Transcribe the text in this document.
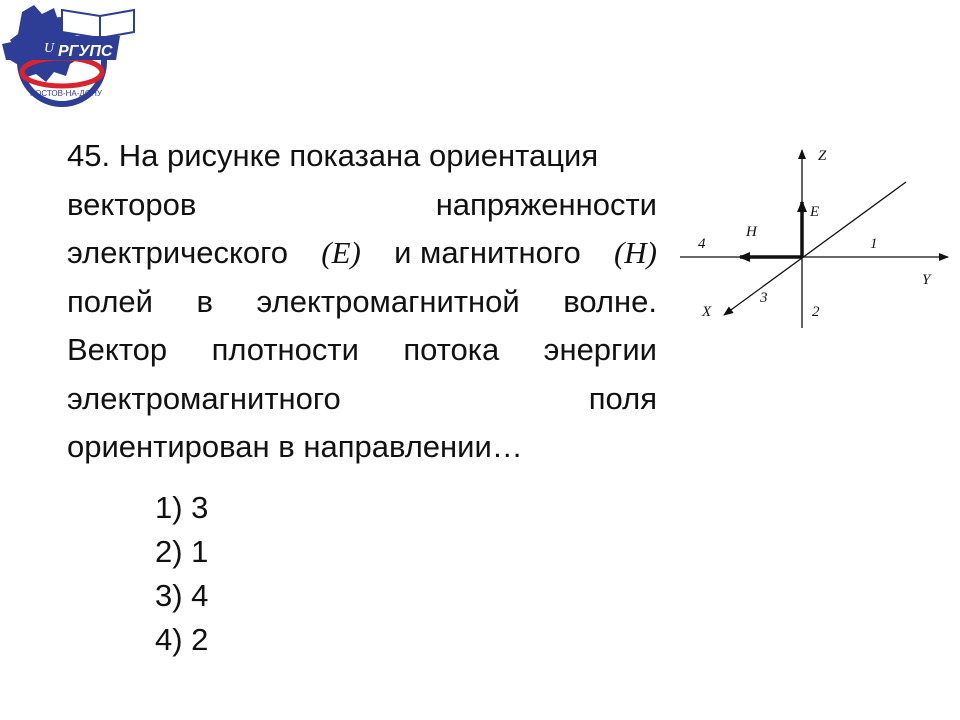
U РГУПС
РОСТОВ-НА-ДОНУ
45. На рисунке показана ориентация
векторов	напряженности
электрического (E) и магнитного (H)
полей в электромагнитной волне.
Вектор плотности потока энергии
электромагнитного	поля
ориентирован в направлении…
Z
Y
X
E
H
1
2
3
4
1) 3
2) 1
3) 4
4) 2
